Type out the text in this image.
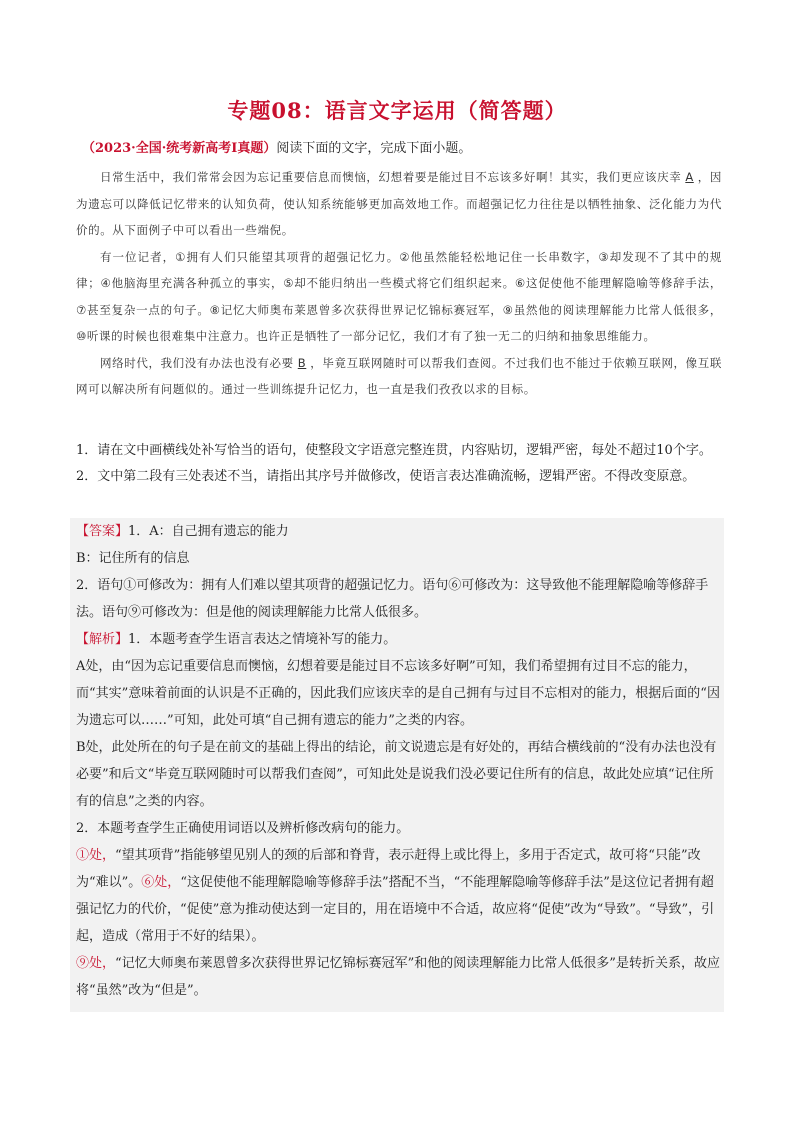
专题08：语言文字运用（简答题）
（2023·全国·统考新高考Ⅰ真题）阅读下面的文字，完成下面小题。

日常生活中，我们常常会因为忘记重要信息而懊恼，幻想着要是能过目不忘该多好啊！其实，我们更应该庆幸 A ，因为遗忘可以降低记忆带来的认知负荷，使认知系统能够更加高效地工作。而超强记忆力往往是以牺牲抽象、泛化能力为代价的。从下面例子中可以看出一些端倪。

有一位记者，①拥有人们只能望其项背的超强记忆力。②他虽然能轻松地记住一长串数字，③却发现不了其中的规律；④他脑海里充满各种孤立的事实，⑤却不能归纳出一些模式将它们组织起来。⑥这促使他不能理解隐喻等修辞手法，⑦甚至复杂一点的句子。⑧记忆大师奥布莱恩曾多次获得世界记忆锦标赛冠军，⑨虽然他的阅读理解能力比常人低很多，⑩听课的时候也很难集中注意力。也许正是牺牲了一部分记忆，我们才有了独一无二的归纳和抽象思维能力。

网络时代，我们没有办法也没有必要 B ，毕竟互联网随时可以帮我们查阅。不过我们也不能过于依赖互联网，像互联网可以解决所有问题似的。通过一些训练提升记忆力，也一直是我们孜孜以求的目标。

1．请在文中画横线处补写恰当的语句，使整段文字语意完整连贯，内容贴切，逻辑严密，每处不超过10个字。

2．文中第二段有三处表述不当，请指出其序号并做修改，使语言表达准确流畅，逻辑严密。不得改变原意。

【答案】1．A：自己拥有遗忘的能力

B：记住所有的信息

2．语句①可修改为：拥有人们难以望其项背的超强记忆力。语句⑥可修改为：这导致他不能理解隐喻等修辞手法。语句⑨可修改为：但是他的阅读理解能力比常人低很多。

【解析】1．本题考查学生语言表达之情境补写的能力。

A处，由“因为忘记重要信息而懊恼，幻想着要是能过目不忘该多好啊”可知，我们希望拥有过目不忘的能力，而“其实”意味着前面的认识是不正确的，因此我们应该庆幸的是自己拥有与过目不忘相对的能力，根据后面的“因为遗忘可以……”可知，此处可填“自己拥有遗忘的能力”之类的内容。

B处，此处所在的句子是在前文的基础上得出的结论，前文说遗忘是有好处的，再结合横线前的“没有办法也没有必要”和后文“毕竟互联网随时可以帮我们查阅”，可知此处是说我们没必要记住所有的信息，故此处应填“记住所有的信息”之类的内容。

2．本题考查学生正确使用词语以及辨析修改病句的能力。

①处，“望其项背”指能够望见别人的颈的后部和脊背，表示赶得上或比得上，多用于否定式，故可将“只能”改为“难以”。⑥处，“这促使他不能理解隐喻等修辞手法”搭配不当，“不能理解隐喻等修辞手法”是这位记者拥有超强记忆力的代价，“促使”意为推动使达到一定目的，用在语境中不合适，故应将“促使”改为“导致”。“导致”，引起，造成（常用于不好的结果）。

⑨处，“记忆大师奥布莱恩曾多次获得世界记忆锦标赛冠军”和他的阅读理解能力比常人低很多”是转折关系，故应将“虽然”改为“但是”。
